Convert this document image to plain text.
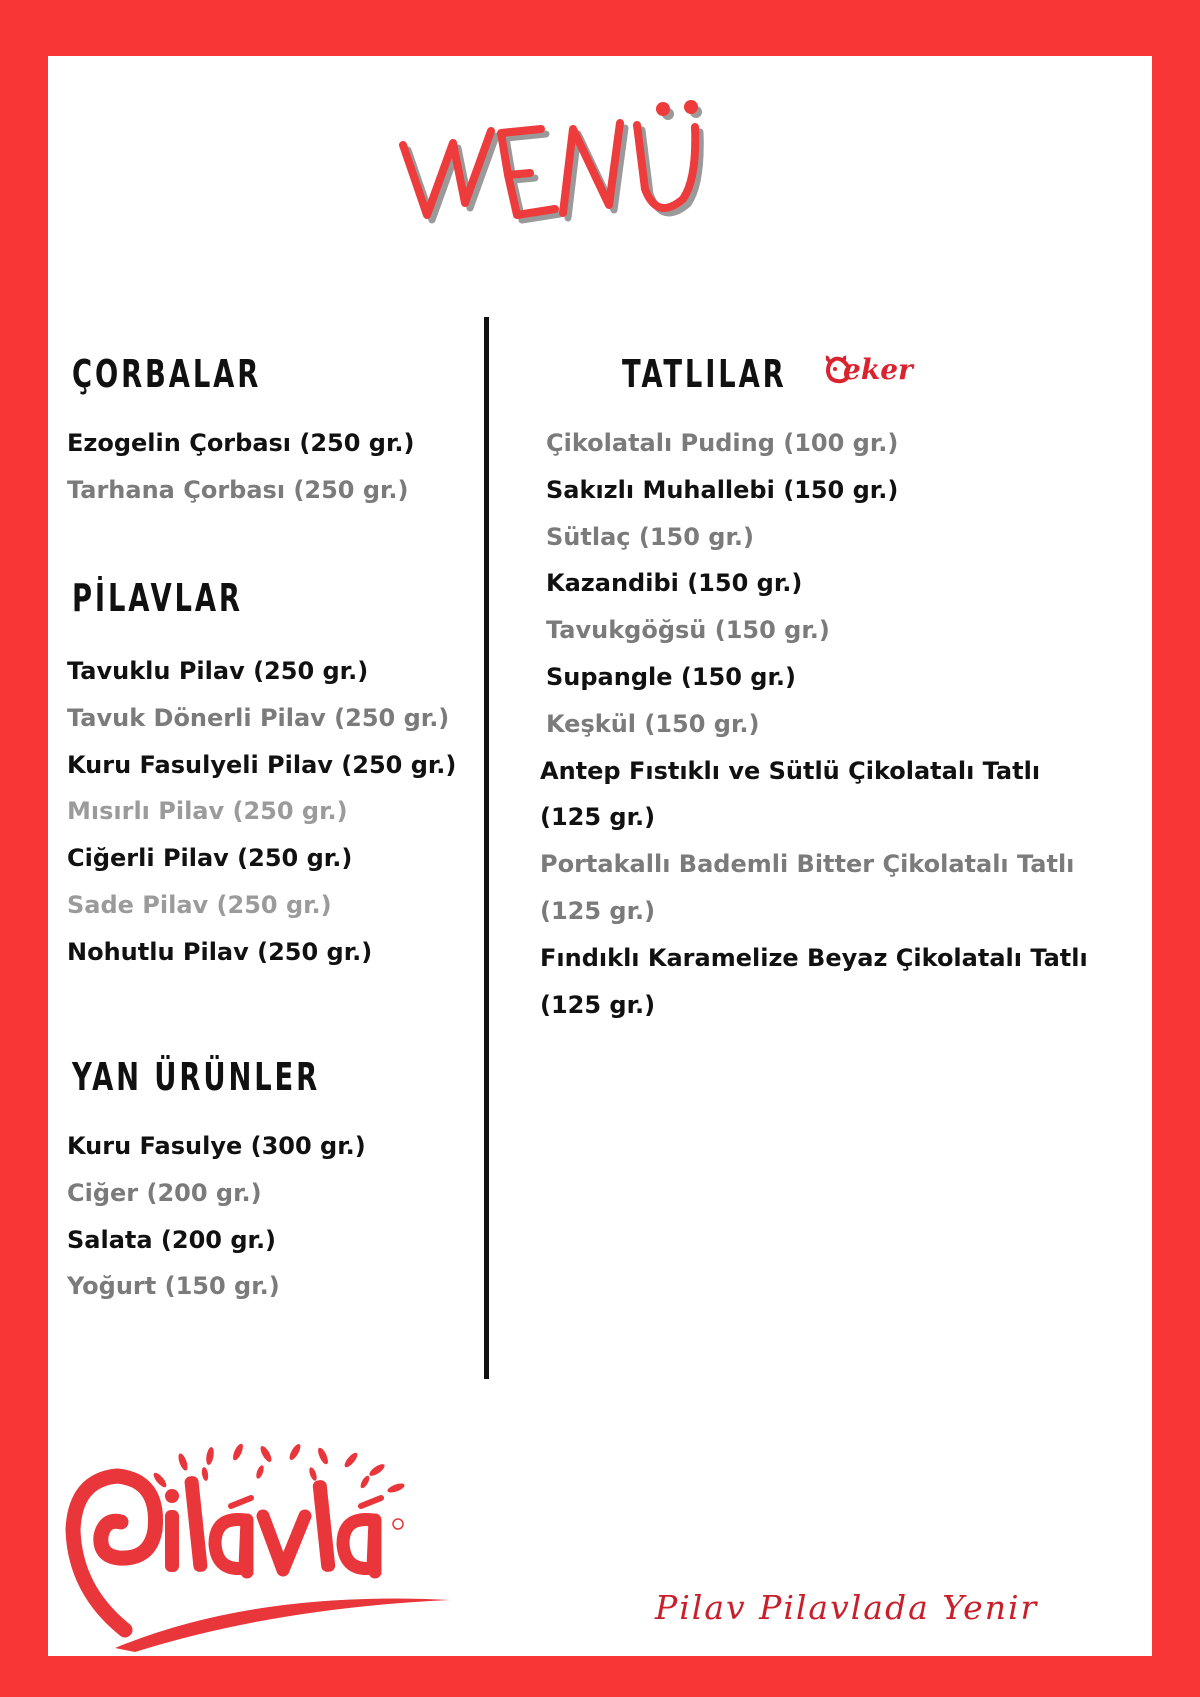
ÇORBALAR
Ezogelin Çorbası (250 gr.)
Tarhana Çorbası (250 gr.)
PİLAVLAR
Tavuklu Pilav (250 gr.)
Tavuk Dönerli Pilav (250 gr.)
Kuru Fasulyeli Pilav (250 gr.)
Mısırlı Pilav (250 gr.)
Ciğerli Pilav (250 gr.)
Sade Pilav (250 gr.)
Nohutlu Pilav (250 gr.)
YAN ÜRÜNLER
Kuru Fasulye (300 gr.)
Ciğer (200 gr.)
Salata (200 gr.)
Yoğurt (150 gr.)
TATLILAR eker
Çikolatalı Puding (100 gr.)
Sakızlı Muhallebi (150 gr.)
Sütlaç (150 gr.)
Kazandibi (150 gr.)
Tavukgöğsü (150 gr.)
Supangle (150 gr.)
Keşkül (150 gr.)
Antep Fıstıklı ve Sütlü Çikolatalı Tatlı
(125 gr.)
Portakallı Bademli Bitter Çikolatalı Tatlı
(125 gr.)
Fındıklı Karamelize Beyaz Çikolatalı Tatlı
(125 gr.)
Pilav Pilavlada Yenir
